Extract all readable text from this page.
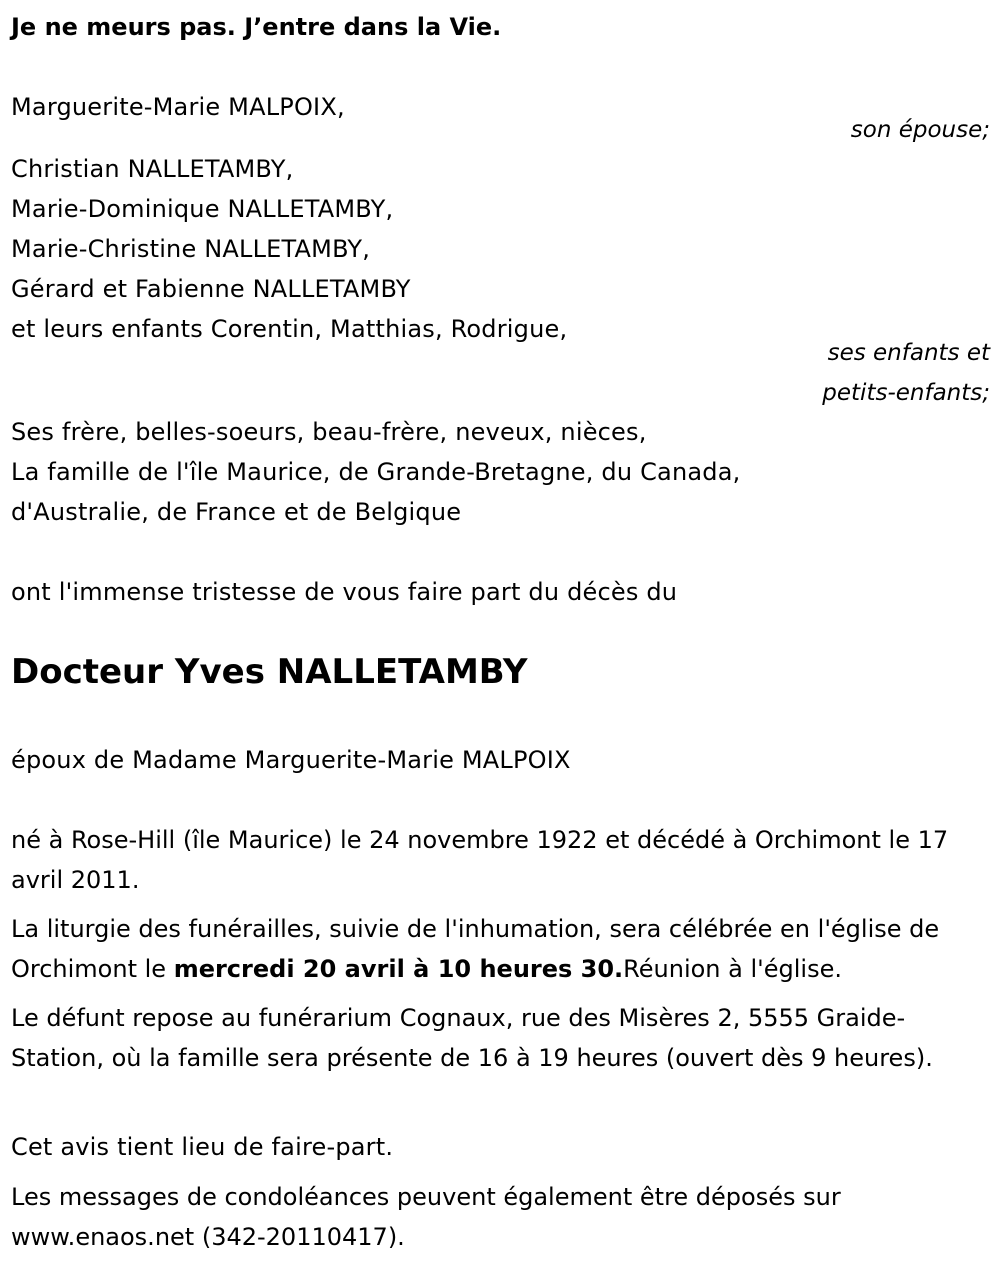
Je ne meurs pas. J’entre dans la Vie.

Marguerite-Marie MALPOIX,

son épouse;

Christian NALLETAMBY,
Marie-Dominique NALLETAMBY,
Marie-Christine NALLETAMBY,
Gérard et Fabienne NALLETAMBY
et leurs enfants Corentin, Matthias, Rodrigue,

ses enfants et

petits-enfants;

Ses frère, belles-soeurs, beau-frère, neveux, nièces,
La famille de l'île Maurice, de Grande-Bretagne, du Canada,
d'Australie, de France et de Belgique

ont l'immense tristesse de vous faire part du décès du

Docteur Yves NALLETAMBY

époux de Madame Marguerite-Marie MALPOIX

né à Rose-Hill (île Maurice) le 24 novembre 1922 et décédé à Orchimont le 17 avril 2011.

La liturgie des funérailles, suivie de l'inhumation, sera célébrée en l'église de Orchimont le mercredi 20 avril à 10 heures 30.Réunion à l'église.

Le défunt repose au funérarium Cognaux, rue des Misères 2, 5555 Graide-Station, où la famille sera présente de 16 à 19 heures (ouvert dès 9 heures).

Cet avis tient lieu de faire-part.

Les messages de condoléances peuvent également être déposés sur www.enaos.net (342-20110417).
